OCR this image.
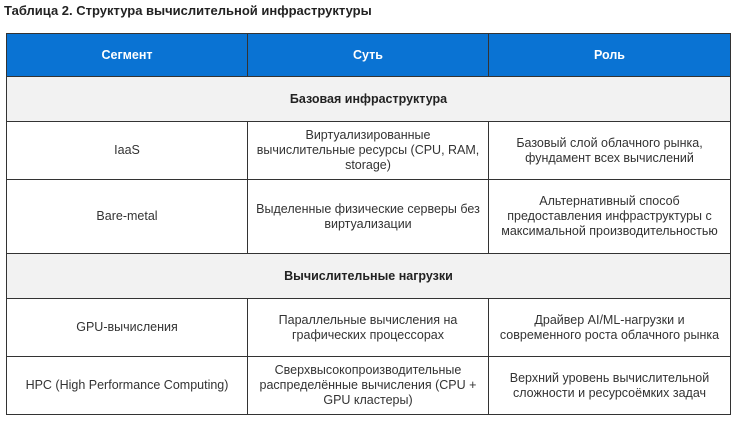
Таблица 2. Структура вычислительной инфраструктуры
Сегмент	Суть	Роль
Базовая инфраструктура		
IaaS	Виртуализированные вычислительные ресурсы (CPU, RAM, storage)	Базовый слой облачного рынка, фундамент всех вычислений
Bare-metal	Выделенные физические серверы без виртуализации	Альтернативный способ предоставления инфраструктуры с максимальной производительностью
Вычислительные нагрузки		
GPU-вычисления	Параллельные вычисления на графических процессорах	Драйвер AI/ML-нагрузки и современного роста облачного рынка
HPC (High Performance Computing)	Сверхвысокопроизводительные распределённые вычисления (CPU + GPU кластеры)	Верхний уровень вычислительной сложности и ресурсоёмких задач
